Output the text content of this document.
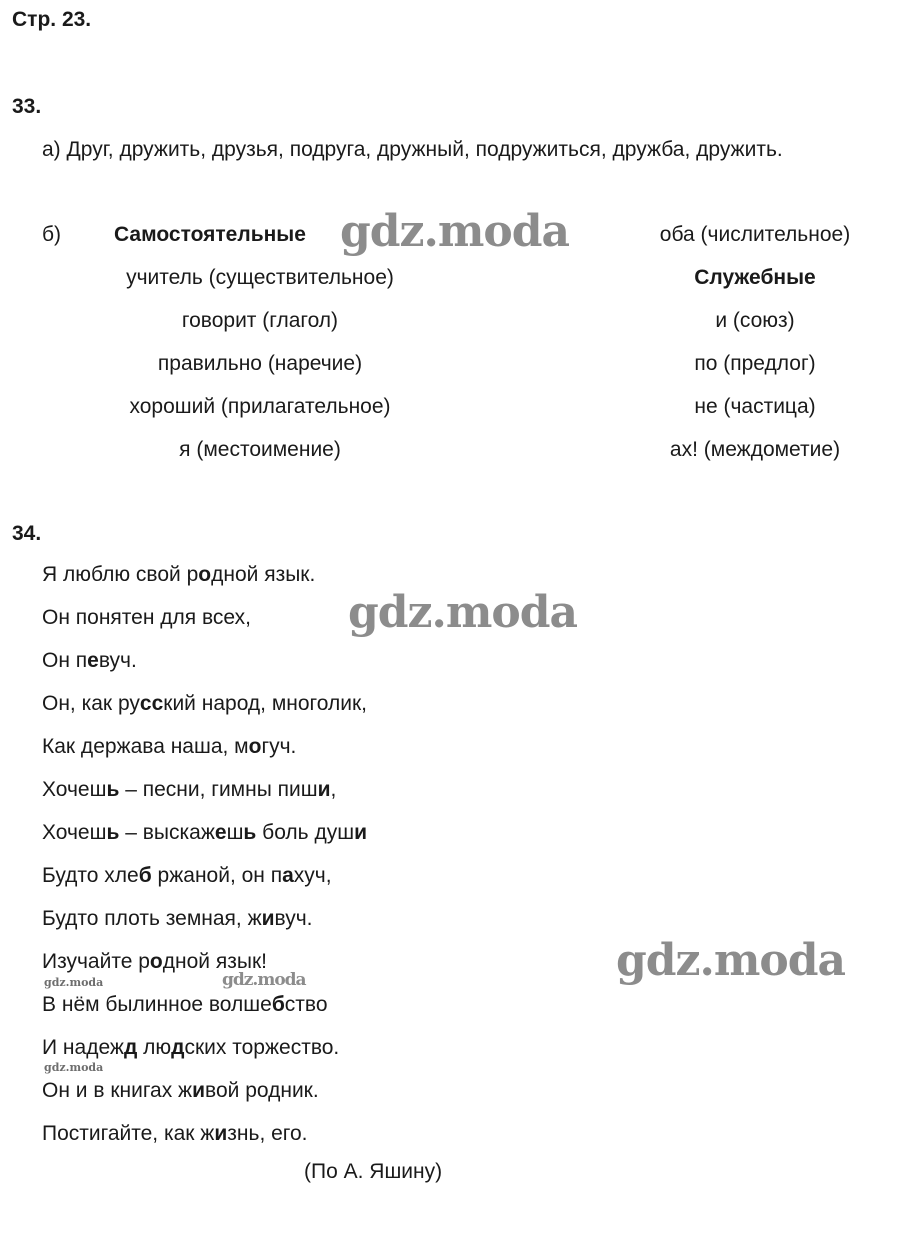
Стр. 23.
33.
а) Друг, дружить, друзья, подруга, дружный, подружиться, дружба, дружить.
б)	Самостоятельные
учитель (существительное)
говорит (глагол)
правильно (наречие)
хороший (прилагательное)
я (местоимение)
оба (числительное)
Служебные
и (союз)
по (предлог)
не (частица)
ах! (междометие)
34.
Я люблю свой родной язык.
Он понятен для всех,
Он певуч.
Он, как русский народ, многолик,
Как держава наша, могуч.
Хочешь – песни, гимны пиши,
Хочешь – выскажешь боль души
Будто хлеб ржаной, он пахуч,
Будто плоть земная, живуч.
Изучайте родной язык!
В нём былинное волшебство
И надежд людских торжество.
Он и в книгах живой родник.
Постигайте, как жизнь, его.
(По А. Яшину)
gdz.moda
gdz.moda
gdz.moda
gdz.moda	gdz.moda
gdz.moda
